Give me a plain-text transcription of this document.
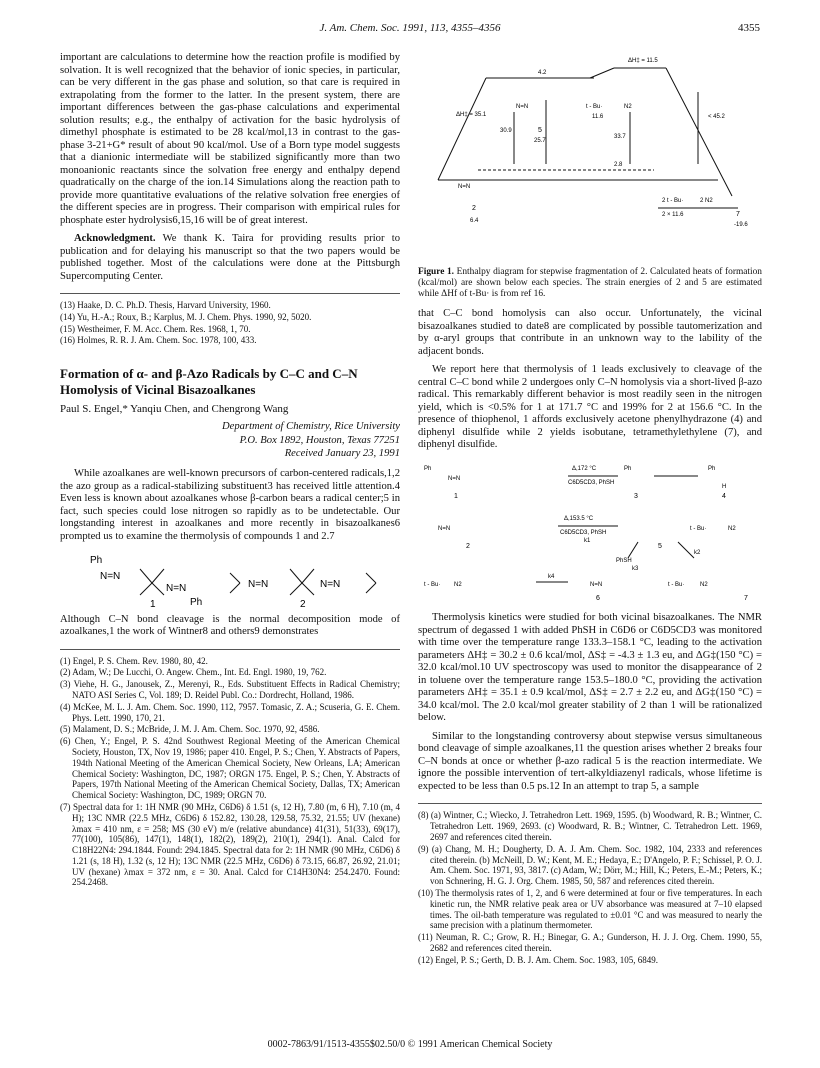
J. Am. Chem. Soc. 1991, 113, 4355–4356	4355

important are calculations to determine how the reaction profile is modified by solvation. It is well recognized that the behavior of ionic species, in particular, can be very different in the gas phase and solution, so that care is required in extrapolating from the former to the latter. In the present system, there are important differences between the gas-phase calculations and experimental solution results; e.g., the enthalpy of activation for the basic hydrolysis of dimethyl phosphate is estimated to be 28 kcal/mol,13 in contrast to the gas-phase 3-21+G* result of about 90 kcal/mol. Use of a Born type model suggests that a dianionic intermediate will be stabilized significantly more than two monoanionic reactants since the solvation free energy and enthalpy depend quadratically on the charge of the ion.14 Simulations along the reaction path to provide more quantitative evaluations of the relative solvation free energies of the different species are in progress. Their comparison with empirical rules for phosphate ester hydrolysis6,15,16 will be of great interest.

Acknowledgment. We thank K. Taira for providing results prior to publication and for delaying his manuscript so that the two papers would be published together. Most of the calculations were done at the Pittsburgh Supercomputing Center.

(13) Haake, D. C. Ph.D. Thesis, Harvard University, 1960.
(14) Yu, H.-A.; Roux, B.; Karplus, M. J. Chem. Phys. 1990, 92, 5020.
(15) Westheimer, F. M. Acc. Chem. Res. 1968, 1, 70.
(16) Holmes, R. R. J. Am. Chem. Soc. 1978, 100, 433.
Formation of α- and β-Azo Radicals by C–C and C–N Homolysis of Vicinal Bisazoalkanes
Paul S. Engel,* Yanqiu Chen, and Chengrong Wang
Department of Chemistry, Rice University
P.O. Box 1892, Houston, Texas 77251
Received January 23, 1991

While azoalkanes are well-known precursors of carbon-centered radicals,1,2 the azo group as a radical-stabilizing substituent3 has received little attention.4 Even less is known about azoalkanes whose β-carbon bears a radical center;5 in fact, such species could lose nitrogen so rapidly as to be undetectable. Our longstanding interest in azoalkanes and more recently in bisazoalkanes6 prompted us to examine the thermolysis of compounds 1 and 2.7

Ph
N=N
N=N
Ph
1
N=N	N=N
2

Although C–N bond cleavage is the normal decomposition mode of azoalkanes,1 the work of Wintner8 and others9 demonstrates

(1) Engel, P. S. Chem. Rev. 1980, 80, 42.
(2) Adam, W.; De Lucchi, O. Angew. Chem., Int. Ed. Engl. 1980, 19, 762.
(3) Viehe, H. G., Janousek, Z., Merenyi, R., Eds. Substituent Effects in Radical Chemistry; NATO ASI Series C, Vol. 189; D. Reidel Publ. Co.: Dordrecht, Holland, 1986.
(4) McKee, M. L. J. Am. Chem. Soc. 1990, 112, 7957. Tomasic, Z. A.; Scuseria, G. E. Chem. Phys. Lett. 1990, 170, 21.
(5) Malament, D. S.; McBride, J. M. J. Am. Chem. Soc. 1970, 92, 4586.
(6) Chen, Y.; Engel, P. S. 42nd Southwest Regional Meeting of the American Chemical Society, Houston, TX, Nov 19, 1986; paper 410. Engel, P. S.; Chen, Y. Abstracts of Papers, 194th National Meeting of the American Chemical Society, New Orleans, LA; American Chemical Society: Washington, DC, 1987; ORGN 175. Engel, P. S.; Chen, Y. Abstracts of Papers, 197th National Meeting of the American Chemical Society, Dallas, TX; American Chemical Society: Washington, DC, 1989; ORGN 70.
(7) Spectral data for 1: 1H NMR (90 MHz, C6D6) δ 1.51 (s, 12 H), 7.80 (m, 6 H), 7.10 (m, 4 H); 13C NMR (22.5 MHz, C6D6) δ 152.82, 130.28, 129.58, 75.32, 21.55; UV (hexane) λmax = 410 nm, ε = 258; MS (30 eV) m/e (relative abundance) 41(31), 51(33), 69(17), 77(100), 105(86), 147(1), 148(1), 182(2), 189(2), 210(1), 294(1). Anal. Calcd for C18H22N4: 294.1844. Found: 294.1845. Spectral data for 2: 1H NMR (90 MHz, C6D6) δ 1.21 (s, 18 H), 1.32 (s, 12 H); 13C NMR (22.5 MHz, C6D6) δ 73.15, 66.87, 26.92, 21.01; UV (hexane) λmax = 372 nm, ε = 30. Anal. Calcd for C14H30N4: 254.2470. Found: 254.2468.
ΔH‡ = 11.5
4.2
ΔH‡ = 35.1
30.9	5
25.7
33.7
< 45.2
2.8
t - Bu·	N2
11.6
N=N
N=N
2
6.4
2 t - Bu·	2 N2
2 × 11.6	7
-19.6
Figure 1. Enthalpy diagram for stepwise fragmentation of 2. Calculated heats of formation (kcal/mol) are shown below each species. The strain energies of 2 and 5 are estimated while ΔHf of t-Bu· is from ref 16.

that C–C bond homolysis can also occur. Unfortunately, the vicinal bisazoalkanes studied to date8 are complicated by possible tautomerization and by α-aryl groups that contribute in an unknown way to the lability of the adjacent bonds.

We report here that thermolysis of 1 leads exclusively to cleavage of the central C–C bond while 2 undergoes only C–N homolysis via a short-lived β-azo radical. This remarkably different behavior is most readily seen in the nitrogen yield, which is <0.5% for 1 at 171.7 °C and 199% for 2 at 156.6 °C. In the presence of thiophenol, 1 affords exclusively acetone phenylhydrazone (4) and diphenyl disulfide while 2 yields isobutane, tetramethylethylene (7), and diphenyl disulfide.

Ph
N=N
Δ,172 °C
C6D5CD3, PhSH
1
Ph
3
Ph
H
4
N=N
Δ,153.5 °C
C6D5CD3, PhSH
k1
2	5
t - Bu·	N2
PhSH
k3
k2
k4
t - Bu· N2	N=N
6
t - Bu·	N2
7

Thermolysis kinetics were studied for both vicinal bisazoalkanes. The NMR spectrum of degassed 1 with added PhSH in C6D6 or C6D5CD3 was monitored with time over the temperature range 133.3–158.1 °C, leading to the activation parameters ΔH‡ = 30.2 ± 0.6 kcal/mol, ΔS‡ = -4.3 ± 1.3 eu, and ΔG‡(150 °C) = 32.0 kcal/mol.10 UV spectroscopy was used to monitor the disappearance of 2 in toluene over the temperature range 153.5–180.0 °C, providing the activation parameters ΔH‡ = 35.1 ± 0.9 kcal/mol, ΔS‡ = 2.7 ± 2.2 eu, and ΔG‡(150 °C) = 34.0 kcal/mol. The 2.0 kcal/mol greater stability of 2 than 1 will be rationalized below.

Similar to the longstanding controversy about stepwise versus simultaneous bond cleavage of simple azoalkanes,11 the question arises whether 2 breaks four C–N bonds at once or whether β-azo radical 5 is the reaction intermediate. We ignore the possible intervention of tert-alkyldiazenyl radicals, whose lifetime is expected to be less than 0.5 ps.12 In an attempt to trap 5, a sample

(8) (a) Wintner, C.; Wiecko, J. Tetrahedron Lett. 1969, 1595. (b) Woodward, R. B.; Wintner, C. Tetrahedron Lett. 1969, 2693. (c) Woodward, R. B.; Wintner, C. Tetrahedron Lett. 1969, 2697 and references cited therein.
(9) (a) Chang, M. H.; Dougherty, D. A. J. Am. Chem. Soc. 1982, 104, 2333 and references cited therein. (b) McNeill, D. W.; Kent, M. E.; Hedaya, E.; D'Angelo, P. F.; Schissel, P. O. J. Am. Chem. Soc. 1971, 93, 3817. (c) Adam, W.; Dörr, M.; Hill, K.; Peters, E.-M.; Peters, K.; von Schnering, H. G. J. Org. Chem. 1985, 50, 587 and references cited therein.
(10) The thermolysis rates of 1, 2, and 6 were determined at four or five temperatures. In each kinetic run, the NMR relative peak area or UV absorbance was measured at 7–10 elapsed times. The oil-bath temperature was regulated to ±0.01 °C and was measured to nearly the same precision with a platinum thermometer.
(11) Neuman, R. C.; Grow, R. H.; Binegar, G. A.; Gunderson, H. J. J. Org. Chem. 1990, 55, 2682 and references cited therein.
(12) Engel, P. S.; Gerth, D. B. J. Am. Chem. Soc. 1983, 105, 6849.
0002-7863/91/1513-4355$02.50/0 © 1991 American Chemical Society
